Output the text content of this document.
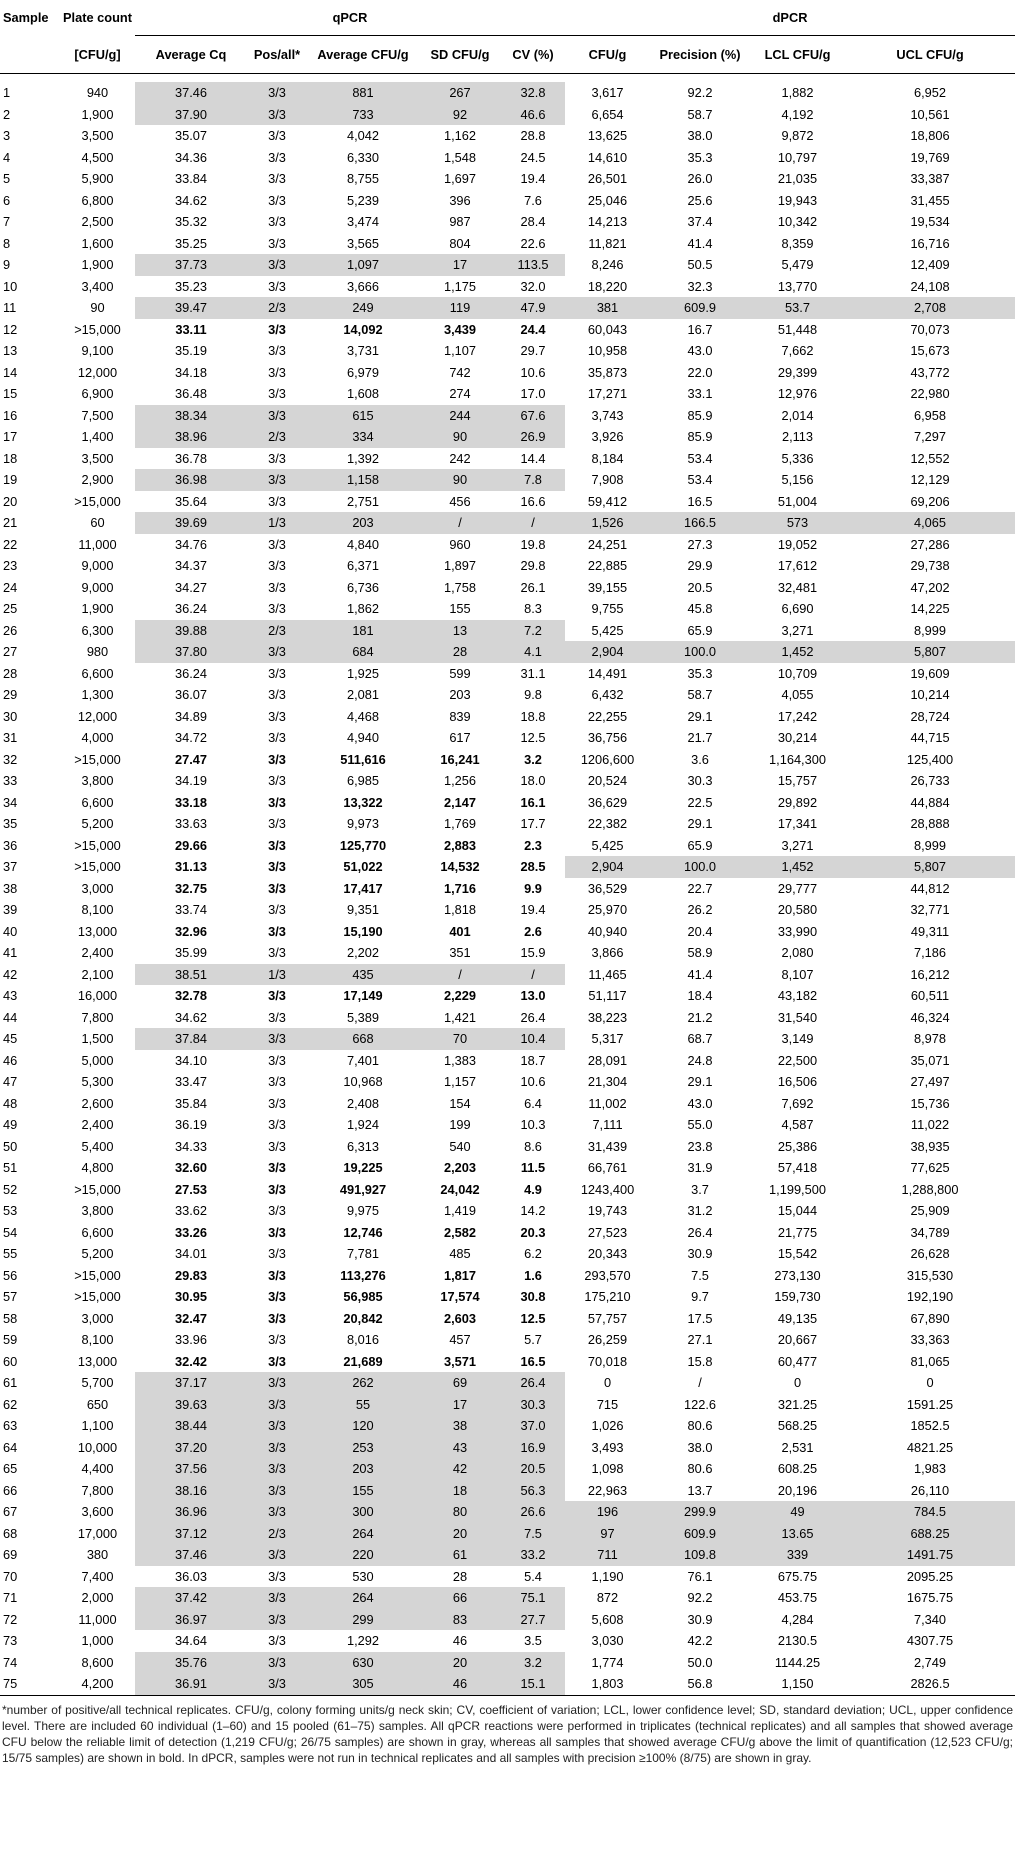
Sample	Plate count	qPCR					dPCR			
	[CFU/g]	Average Cq	Pos/all*	Average CFU/g	SD CFU/g	CV (%)	CFU/g	Precision (%)	LCL CFU/g	UCL CFU/g

1	940	37.46	3/3	881	267	32.8	3,617	92.2	1,882	6,952
2	1,900	37.90	3/3	733	92	46.6	6,654	58.7	4,192	10,561
3	3,500	35.07	3/3	4,042	1,162	28.8	13,625	38.0	9,872	18,806
4	4,500	34.36	3/3	6,330	1,548	24.5	14,610	35.3	10,797	19,769
5	5,900	33.84	3/3	8,755	1,697	19.4	26,501	26.0	21,035	33,387
6	6,800	34.62	3/3	5,239	396	7.6	25,046	25.6	19,943	31,455
7	2,500	35.32	3/3	3,474	987	28.4	14,213	37.4	10,342	19,534
8	1,600	35.25	3/3	3,565	804	22.6	11,821	41.4	8,359	16,716
9	1,900	37.73	3/3	1,097	17	113.5	8,246	50.5	5,479	12,409
10	3,400	35.23	3/3	3,666	1,175	32.0	18,220	32.3	13,770	24,108
11	90	39.47	2/3	249	119	47.9	381	609.9	53.7	2,708
12	>15,000	33.11	3/3	14,092	3,439	24.4	60,043	16.7	51,448	70,073
13	9,100	35.19	3/3	3,731	1,107	29.7	10,958	43.0	7,662	15,673
14	12,000	34.18	3/3	6,979	742	10.6	35,873	22.0	29,399	43,772
15	6,900	36.48	3/3	1,608	274	17.0	17,271	33.1	12,976	22,980
16	7,500	38.34	3/3	615	244	67.6	3,743	85.9	2,014	6,958
17	1,400	38.96	2/3	334	90	26.9	3,926	85.9	2,113	7,297
18	3,500	36.78	3/3	1,392	242	14.4	8,184	53.4	5,336	12,552
19	2,900	36.98	3/3	1,158	90	7.8	7,908	53.4	5,156	12,129
20	>15,000	35.64	3/3	2,751	456	16.6	59,412	16.5	51,004	69,206
21	60	39.69	1/3	203	/	/	1,526	166.5	573	4,065
22	11,000	34.76	3/3	4,840	960	19.8	24,251	27.3	19,052	27,286
23	9,000	34.37	3/3	6,371	1,897	29.8	22,885	29.9	17,612	29,738
24	9,000	34.27	3/3	6,736	1,758	26.1	39,155	20.5	32,481	47,202
25	1,900	36.24	3/3	1,862	155	8.3	9,755	45.8	6,690	14,225
26	6,300	39.88	2/3	181	13	7.2	5,425	65.9	3,271	8,999
27	980	37.80	3/3	684	28	4.1	2,904	100.0	1,452	5,807
28	6,600	36.24	3/3	1,925	599	31.1	14,491	35.3	10,709	19,609
29	1,300	36.07	3/3	2,081	203	9.8	6,432	58.7	4,055	10,214
30	12,000	34.89	3/3	4,468	839	18.8	22,255	29.1	17,242	28,724
31	4,000	34.72	3/3	4,940	617	12.5	36,756	21.7	30,214	44,715
32	>15,000	27.47	3/3	511,616	16,241	3.2	1206,600	3.6	1,164,300	125,400
33	3,800	34.19	3/3	6,985	1,256	18.0	20,524	30.3	15,757	26,733
34	6,600	33.18	3/3	13,322	2,147	16.1	36,629	22.5	29,892	44,884
35	5,200	33.63	3/3	9,973	1,769	17.7	22,382	29.1	17,341	28,888
36	>15,000	29.66	3/3	125,770	2,883	2.3	5,425	65.9	3,271	8,999
37	>15,000	31.13	3/3	51,022	14,532	28.5	2,904	100.0	1,452	5,807
38	3,000	32.75	3/3	17,417	1,716	9.9	36,529	22.7	29,777	44,812
39	8,100	33.74	3/3	9,351	1,818	19.4	25,970	26.2	20,580	32,771
40	13,000	32.96	3/3	15,190	401	2.6	40,940	20.4	33,990	49,311
41	2,400	35.99	3/3	2,202	351	15.9	3,866	58.9	2,080	7,186
42	2,100	38.51	1/3	435	/	/	11,465	41.4	8,107	16,212
43	16,000	32.78	3/3	17,149	2,229	13.0	51,117	18.4	43,182	60,511
44	7,800	34.62	3/3	5,389	1,421	26.4	38,223	21.2	31,540	46,324
45	1,500	37.84	3/3	668	70	10.4	5,317	68.7	3,149	8,978
46	5,000	34.10	3/3	7,401	1,383	18.7	28,091	24.8	22,500	35,071
47	5,300	33.47	3/3	10,968	1,157	10.6	21,304	29.1	16,506	27,497
48	2,600	35.84	3/3	2,408	154	6.4	11,002	43.0	7,692	15,736
49	2,400	36.19	3/3	1,924	199	10.3	7,111	55.0	4,587	11,022
50	5,400	34.33	3/3	6,313	540	8.6	31,439	23.8	25,386	38,935
51	4,800	32.60	3/3	19,225	2,203	11.5	66,761	31.9	57,418	77,625
52	>15,000	27.53	3/3	491,927	24,042	4.9	1243,400	3.7	1,199,500	1,288,800
53	3,800	33.62	3/3	9,975	1,419	14.2	19,743	31.2	15,044	25,909
54	6,600	33.26	3/3	12,746	2,582	20.3	27,523	26.4	21,775	34,789
55	5,200	34.01	3/3	7,781	485	6.2	20,343	30.9	15,542	26,628
56	>15,000	29.83	3/3	113,276	1,817	1.6	293,570	7.5	273,130	315,530
57	>15,000	30.95	3/3	56,985	17,574	30.8	175,210	9.7	159,730	192,190
58	3,000	32.47	3/3	20,842	2,603	12.5	57,757	17.5	49,135	67,890
59	8,100	33.96	3/3	8,016	457	5.7	26,259	27.1	20,667	33,363
60	13,000	32.42	3/3	21,689	3,571	16.5	70,018	15.8	60,477	81,065
61	5,700	37.17	3/3	262	69	26.4	0	/	0	0
62	650	39.63	3/3	55	17	30.3	715	122.6	321.25	1591.25
63	1,100	38.44	3/3	120	38	37.0	1,026	80.6	568.25	1852.5
64	10,000	37.20	3/3	253	43	16.9	3,493	38.0	2,531	4821.25
65	4,400	37.56	3/3	203	42	20.5	1,098	80.6	608.25	1,983
66	7,800	38.16	3/3	155	18	56.3	22,963	13.7	20,196	26,110
67	3,600	36.96	3/3	300	80	26.6	196	299.9	49	784.5
68	17,000	37.12	2/3	264	20	7.5	97	609.9	13.65	688.25
69	380	37.46	3/3	220	61	33.2	711	109.8	339	1491.75
70	7,400	36.03	3/3	530	28	5.4	1,190	76.1	675.75	2095.25
71	2,000	37.42	3/3	264	66	75.1	872	92.2	453.75	1675.75
72	11,000	36.97	3/3	299	83	27.7	5,608	30.9	4,284	7,340
73	1,000	34.64	3/3	1,292	46	3.5	3,030	42.2	2130.5	4307.75
74	8,600	35.76	3/3	630	20	3.2	1,774	50.0	1144.25	2,749
75	4,200	36.91	3/3	305	46	15.1	1,803	56.8	1,150	2826.5
*number of positive/all technical replicates. CFU/g, colony forming units/g neck skin; CV, coefficient of variation; LCL, lower confidence level; SD, standard deviation; UCL, upper confidence level. There are included 60 individual (1–60) and 15 pooled (61–75) samples. All qPCR reactions were performed in triplicates (technical replicates) and all samples that showed average CFU below the reliable limit of detection (1,219 CFU/g; 26/75 samples) are shown in gray, whereas all samples that showed average CFU/g above the limit of quantification (12,523 CFU/g; 15/75 samples) are shown in bold. In dPCR, samples were not run in technical replicates and all samples with precision ≥100% (8/75) are shown in gray.
